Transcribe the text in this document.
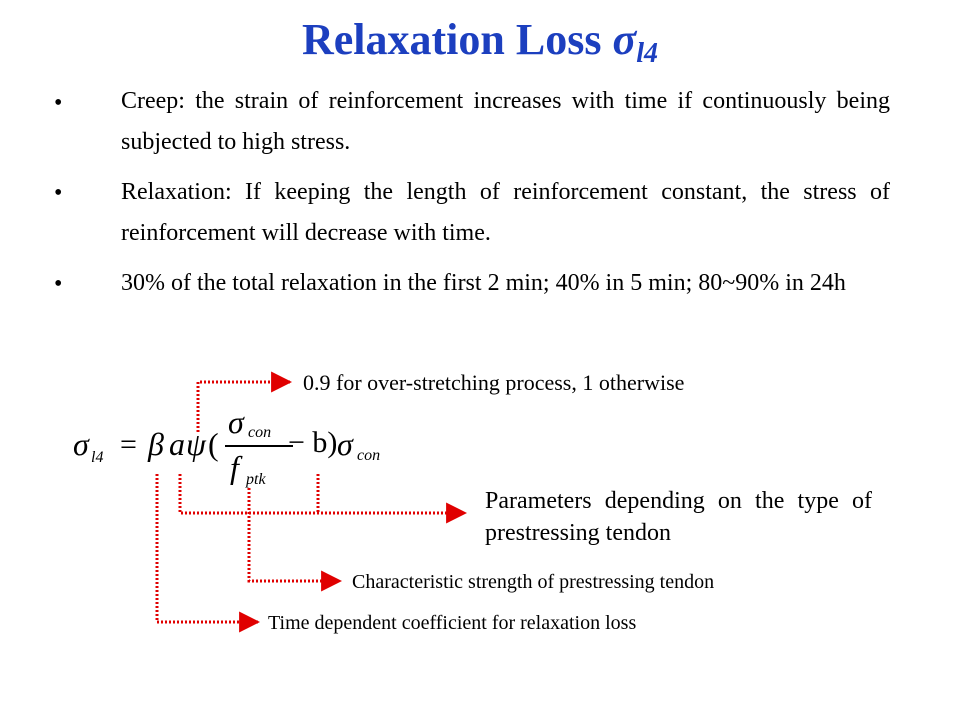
Relaxation Loss $\sigma_{l4}$
• Creep: the strain of reinforcement increases with time if continuously being subjected to high stress.
• Relaxation: If keeping the length of reinforcement constant, the stress of reinforcement will decrease with time.
• 30% of the total relaxation in the first 2 min; 40% in 5 min; 80~90% in 24h
σ l4 = β a ψ (
σ con
f ptk
− b) σ con
0.9 for over-stretching process, 1 otherwise
Parameters depending on the type of prestressing tendon
Characteristic strength of prestressing tendon
Time dependent coefficient for relaxation loss
